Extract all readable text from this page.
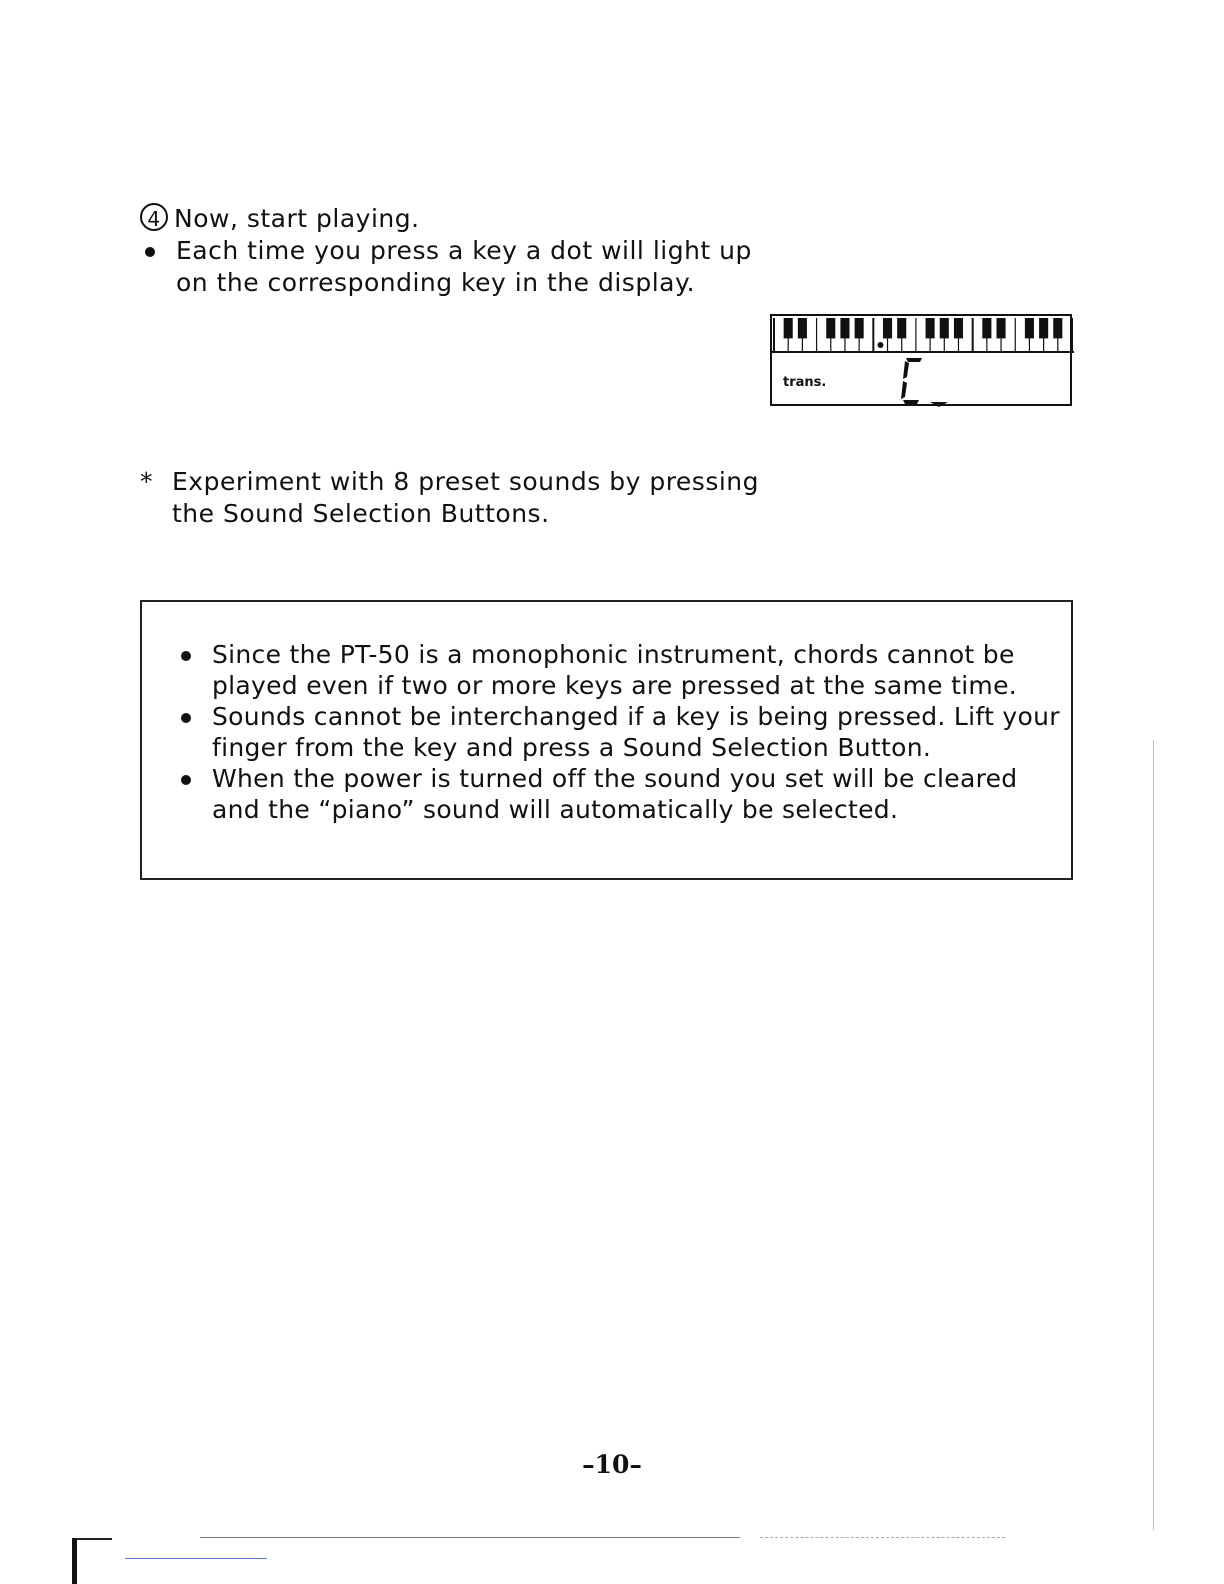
4 Now, start playing.
Each time you press a key a dot will light up
on the corresponding key in the display.
trans.
* Experiment with 8 preset sounds by pressing
the Sound Selection Buttons.
Since the PT-50 is a monophonic instrument, chords cannot be
played even if two or more keys are pressed at the same time.
Sounds cannot be interchanged if a key is being pressed. Lift your
finger from the key and press a Sound Selection Button.
When the power is turned off the sound you set will be cleared
and the “piano” sound will automatically be selected.
–10–
